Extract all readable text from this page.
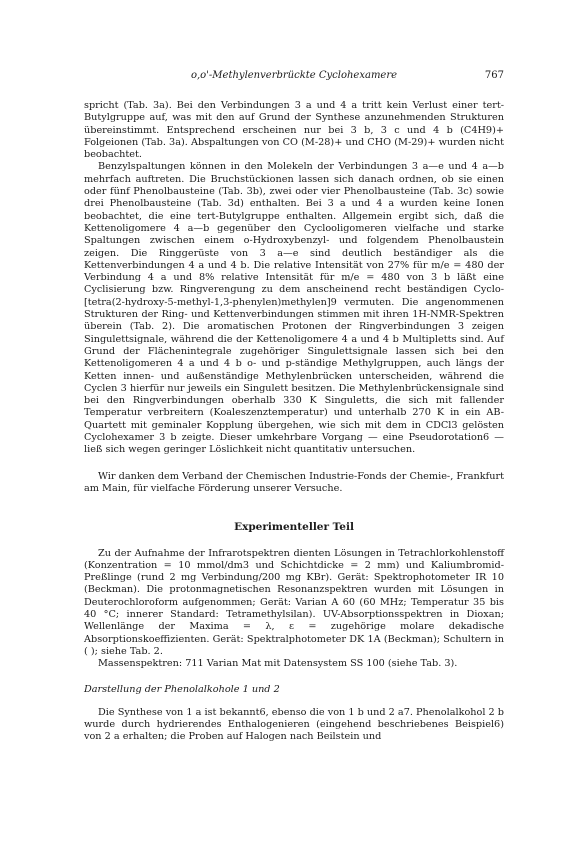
o,o'-Methylenverbrückte Cyclohexamere	767

spricht (Tab. 3a). Bei den Verbindungen 3 a und 4 a tritt kein Verlust einer tert-Butylgruppe auf, was mit den auf Grund der Synthese anzunehmenden Strukturen übereinstimmt. Entsprechend erscheinen nur bei 3 b, 3 c und 4 b (C4H9)+ Folgeionen (Tab. 3a). Abspaltungen von CO (M-28)+ und CHO (M-29)+ wurden nicht beobachtet.

Benzylspaltungen können in den Molekeln der Verbindungen 3 a—e und 4 a—b mehrfach auftreten. Die Bruchstückionen lassen sich danach ordnen, ob sie einen oder fünf Phenolbausteine (Tab. 3b), zwei oder vier Phenolbausteine (Tab. 3c) sowie drei Phenolbausteine (Tab. 3d) enthalten. Bei 3 a und 4 a wurden keine Ionen beobachtet, die eine tert-Butylgruppe enthalten. Allgemein ergibt sich, daß die Kettenoligomere 4 a—b gegenüber den Cyclooligomeren vielfache und starke Spaltungen zwischen einem o-Hydroxybenzyl- und folgendem Phenolbaustein zeigen. Die Ringgerüste von 3 a—e sind deutlich beständiger als die Kettenverbindungen 4 a und 4 b. Die relative Intensität von 27% für m/e = 480 der Verbindung 4 a und 8% relative Intensität für m/e = 480 von 3 b läßt eine Cyclisierung bzw. Ringverengung zu dem anscheinend recht beständigen Cyclo-[tetra(2-hydroxy-5-methyl-1,3-phenylen)methylen]9 vermuten. Die angenommenen Strukturen der Ring- und Kettenverbindungen stimmen mit ihren 1H-NMR-Spektren überein (Tab. 2). Die aromatischen Protonen der Ringverbindungen 3 zeigen Singulettsignale, während die der Kettenoligomere 4 a und 4 b Multipletts sind. Auf Grund der Flächenintegrale zugehöriger Singulettsignale lassen sich bei den Kettenoligomeren 4 a und 4 b o- und p-ständige Methylgruppen, auch längs der Ketten innen- und außenständige Methylenbrücken unterscheiden, während die Cyclen 3 hierfür nur jeweils ein Singulett besitzen. Die Methylenbrückensignale sind bei den Ringverbindungen oberhalb 330 K Singuletts, die sich mit fallender Temperatur verbreitern (Koaleszenztemperatur) und unterhalb 270 K in ein AB-Quartett mit geminaler Kopplung übergehen, wie sich mit dem in CDCl3 gelösten Cyclohexamer 3 b zeigte. Dieser umkehrbare Vorgang — eine Pseudorotation6 — ließ sich wegen geringer Löslichkeit nicht quantitativ untersuchen.

Wir danken dem Verband der Chemischen Industrie-Fonds der Chemie-, Frankfurt am Main, für vielfache Förderung unserer Versuche.

Experimenteller Teil

Zu der Aufnahme der Infrarotspektren dienten Lösungen in Tetrachlorkohlenstoff (Konzentration = 10 mmol/dm3 und Schichtdicke = 2 mm) und Kaliumbromid-Preßlinge (rund 2 mg Verbindung/200 mg KBr). Gerät: Spektrophotometer IR 10 (Beckman). Die protonmagnetischen Resonanzspektren wurden mit Lösungen in Deuterochloroform aufgenommen; Gerät: Varian A 60 (60 MHz; Temperatur 35 bis 40 °C; innerer Standard: Tetramethylsilan). UV-Absorptionsspektren in Dioxan; Wellenlänge der Maxima = λ, ε = zugehörige molare dekadische Absorptionskoeffizienten. Gerät: Spektralphotometer DK 1A (Beckman); Schultern in ( ); siehe Tab. 2.

Massenspektren: 711 Varian Mat mit Datensystem SS 100 (siehe Tab. 3).

Darstellung der Phenolalkohole 1 und 2

Die Synthese von 1 a ist bekannt6, ebenso die von 1 b und 2 a7. Phenolalkohol 2 b wurde durch hydrierendes Enthalogenieren (eingehend beschriebenes Beispiel6) von 2 a erhalten; die Proben auf Halogen nach Beilstein und
